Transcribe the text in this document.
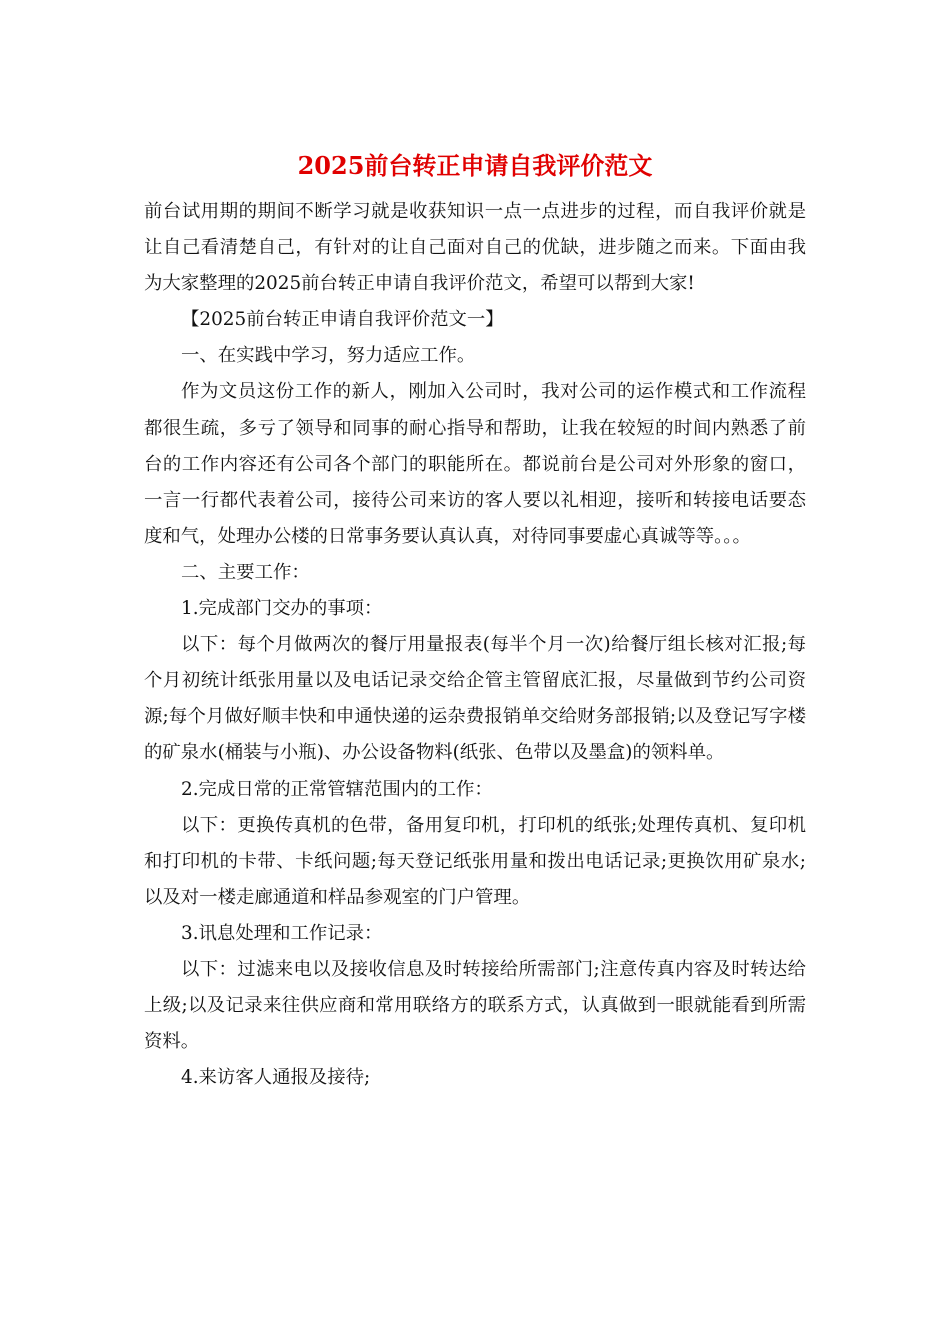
2025前台转正申请自我评价范文

前台试用期的期间不断学习就是收获知识一点一点进步的过程，而自我评价就是让自己看清楚自己，有针对的让自己面对自己的优缺，进步随之而来。下面由我为大家整理的2025前台转正申请自我评价范文，希望可以帮到大家!

【2025前台转正申请自我评价范文一】

一、在实践中学习，努力适应工作。

作为文员这份工作的新人，刚加入公司时，我对公司的运作模式和工作流程都很生疏，多亏了领导和同事的耐心指导和帮助，让我在较短的时间内熟悉了前台的工作内容还有公司各个部门的职能所在。都说前台是公司对外形象的窗口，一言一行都代表着公司，接待公司来访的客人要以礼相迎，接听和转接电话要态度和气，处理办公楼的日常事务要认真认真，对待同事要虚心真诚等等。。。

二、主要工作：

1.完成部门交办的事项：

以下：每个月做两次的餐厅用量报表(每半个月一次)给餐厅组长核对汇报;每个月初统计纸张用量以及电话记录交给企管主管留底汇报，尽量做到节约公司资源;每个月做好顺丰快和申通快递的运杂费报销单交给财务部报销;以及登记写字楼的矿泉水(桶装与小瓶)、办公设备物料(纸张、色带以及墨盒)的领料单。

2.完成日常的正常管辖范围内的工作：

以下：更换传真机的色带，备用复印机，打印机的纸张;处理传真机、复印机和打印机的卡带、卡纸问题;每天登记纸张用量和拨出电话记录;更换饮用矿泉水;以及对一楼走廊通道和样品参观室的门户管理。

3.讯息处理和工作记录：

以下：过滤来电以及接收信息及时转接给所需部门;注意传真内容及时转达给上级;以及记录来往供应商和常用联络方的联系方式，认真做到一眼就能看到所需资料。

4.来访客人通报及接待;
